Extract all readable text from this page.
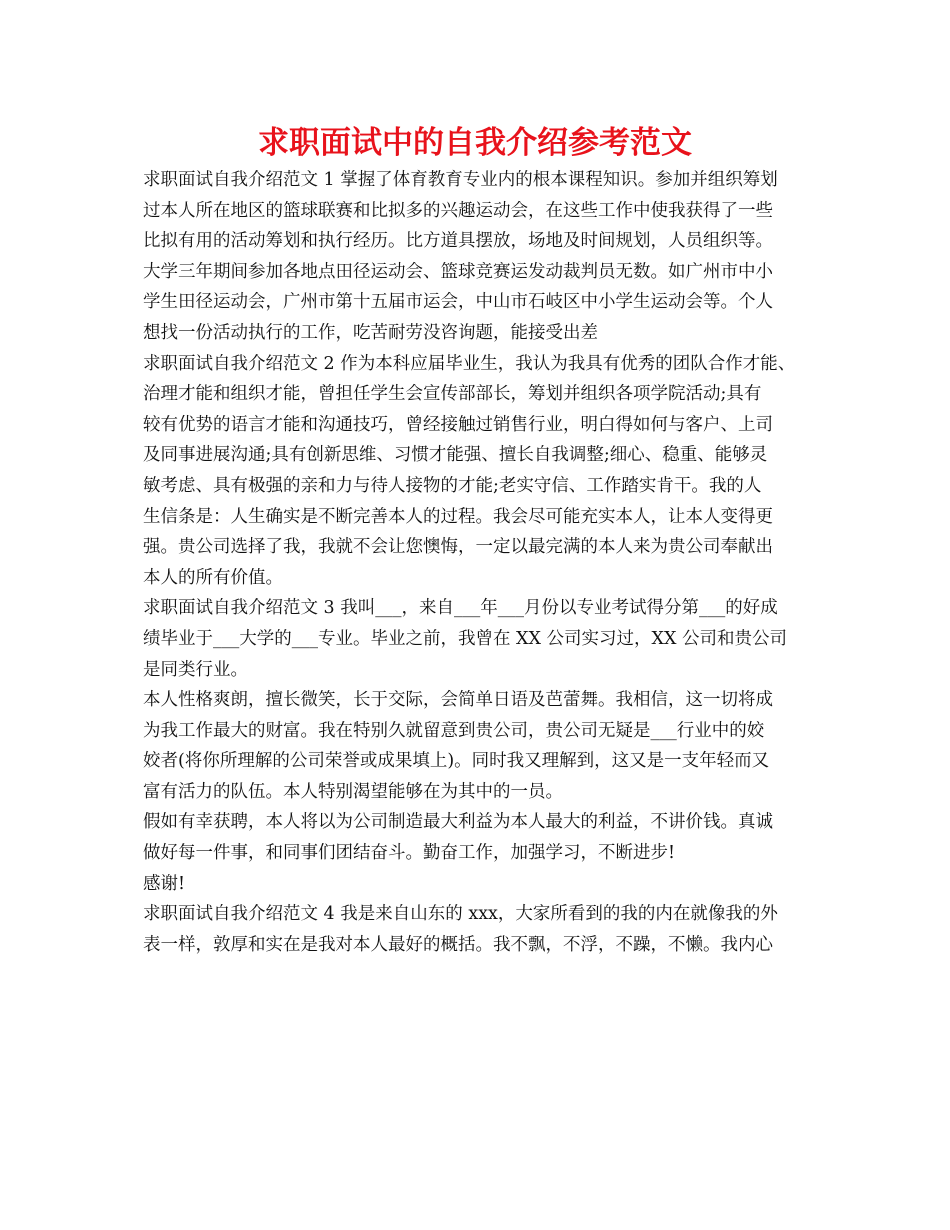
求职面试中的自我介绍参考范文

求职面试自我介绍范文 1 掌握了体育教育专业内的根本课程知识。参加并组织筹划

过本人所在地区的篮球联赛和比拟多的兴趣运动会，在这些工作中使我获得了一些

比拟有用的活动筹划和执行经历。比方道具摆放，场地及时间规划，人员组织等。

大学三年期间参加各地点田径运动会、篮球竞赛运发动裁判员无数。如广州市中小

学生田径运动会，广州市第十五届市运会，中山市石岐区中小学生运动会等。个人

想找一份活动执行的工作，吃苦耐劳没咨询题，能接受出差

求职面试自我介绍范文 2 作为本科应届毕业生，我认为我具有优秀的团队合作才能、

治理才能和组织才能，曾担任学生会宣传部部长，筹划并组织各项学院活动;具有

较有优势的语言才能和沟通技巧，曾经接触过销售行业，明白得如何与客户、上司

及同事进展沟通;具有创新思维、习惯才能强、擅长自我调整;细心、稳重、能够灵

敏考虑、具有极强的亲和力与待人接物的才能;老实守信、工作踏实肯干。我的人

生信条是：人生确实是不断完善本人的过程。我会尽可能充实本人，让本人变得更

强。贵公司选择了我，我就不会让您懊悔，一定以最完满的本人来为贵公司奉献出

本人的所有价值。

求职面试自我介绍范文 3 我叫___，来自___年___月份以专业考试得分第___的好成

绩毕业于___大学的___专业。毕业之前，我曾在 XX 公司实习过，XX 公司和贵公司

是同类行业。

本人性格爽朗，擅长微笑，长于交际，会简单日语及芭蕾舞。我相信，这一切将成

为我工作最大的财富。我在特别久就留意到贵公司，贵公司无疑是___行业中的姣

姣者(将你所理解的公司荣誉或成果填上)。同时我又理解到，这又是一支年轻而又

富有活力的队伍。本人特别渴望能够在为其中的一员。

假如有幸获聘，本人将以为公司制造最大利益为本人最大的利益，不讲价钱。真诚

做好每一件事，和同事们团结奋斗。勤奋工作，加强学习，不断进步!

感谢!

求职面试自我介绍范文 4 我是来自山东的 xxx，大家所看到的我的内在就像我的外

表一样，敦厚和实在是我对本人最好的概括。我不飘，不浮，不躁，不懒。我内心
